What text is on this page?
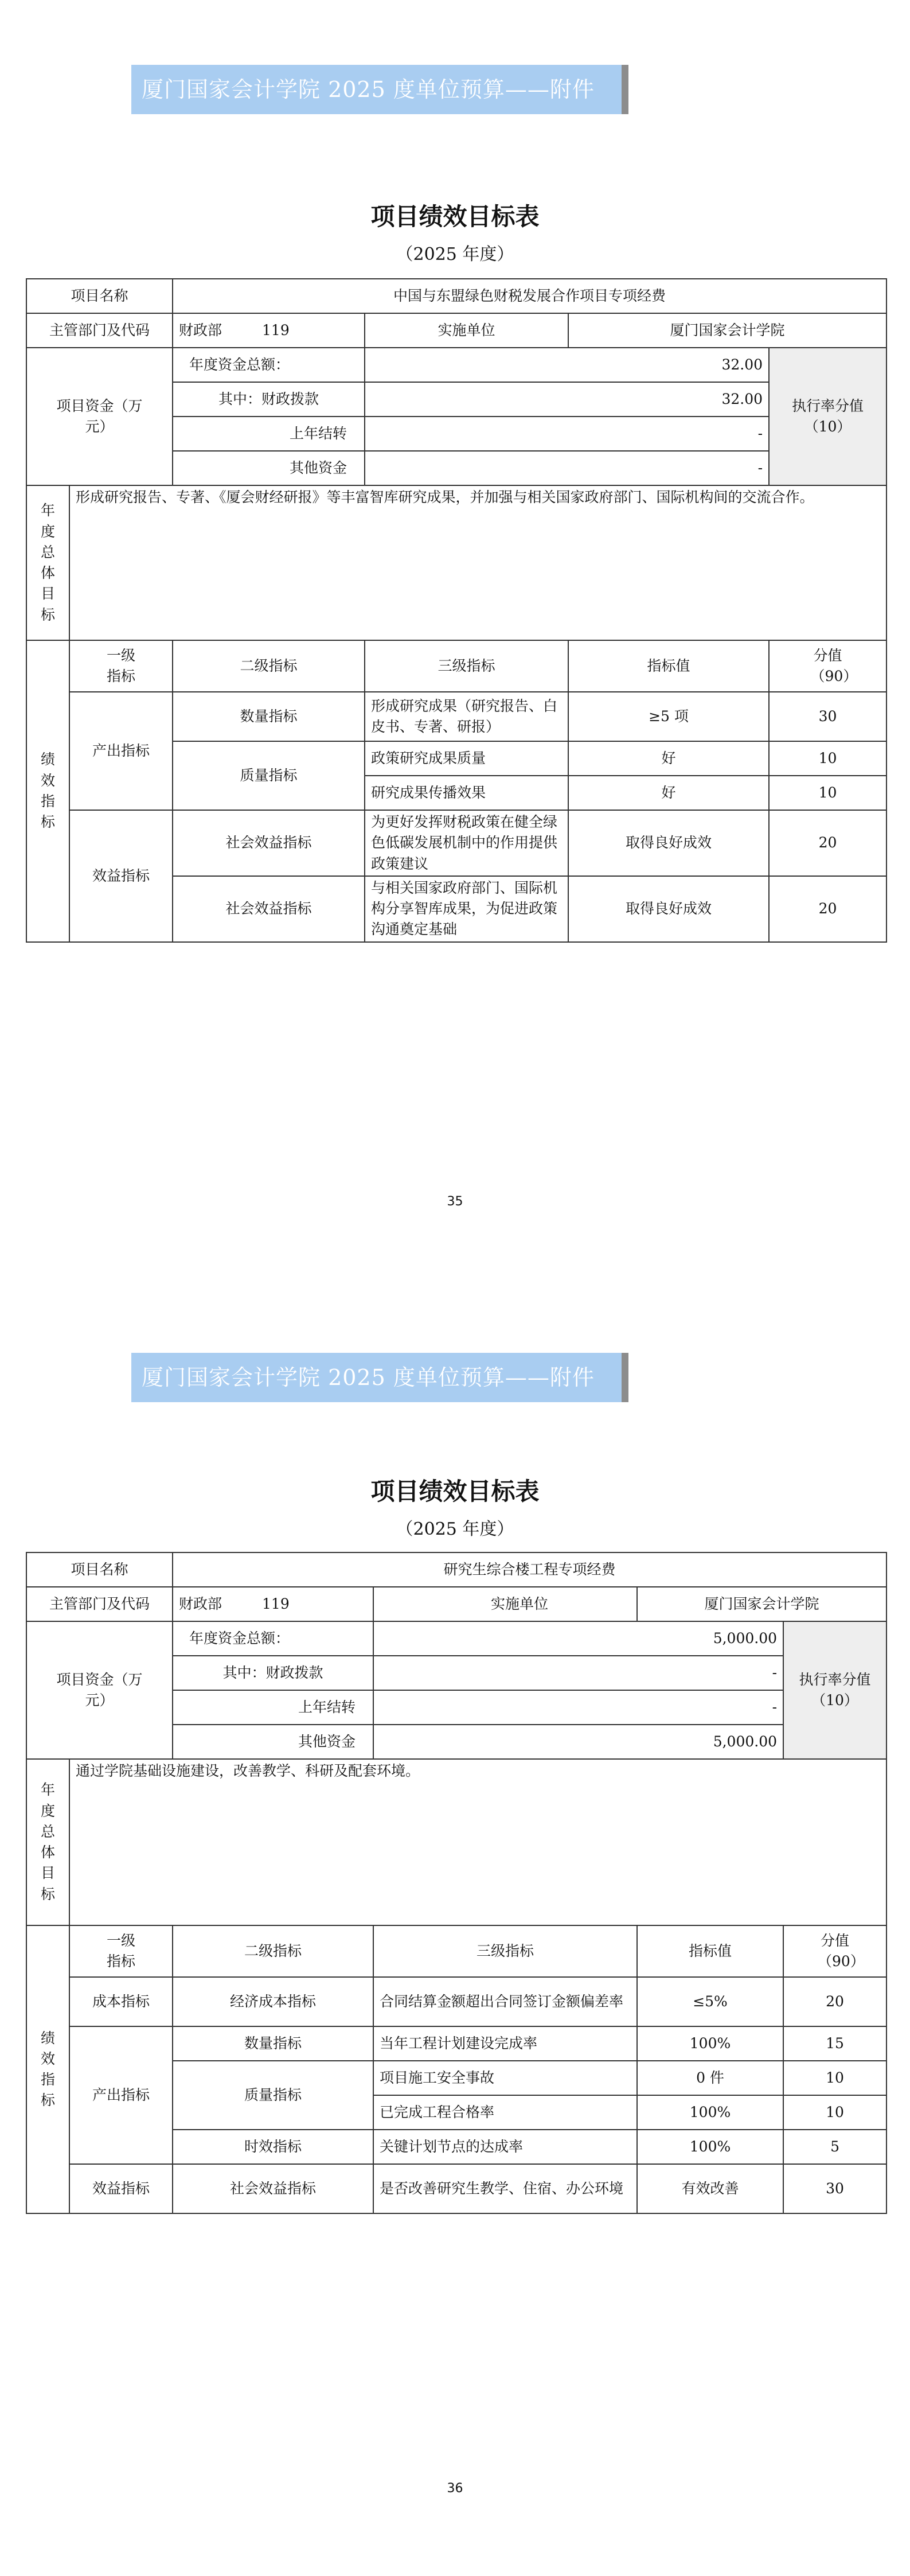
厦门国家会计学院 2025 度单位预算——附件
项目绩效目标表
（2025 年度）
项目名称		中国与东盟绿色财税发展合作项目专项经费			
主管部门及代码		财政部 119	实施单位	厦门国家会计学院	
项目资金（万元）		年度资金总额：	32.00		执行率分值（10）
		其中：财政拨款	32.00		
		上年结转	-		
		其他资金	-		
年度总体目标	形成研究报告、专著、《厦会财经研报》等丰富智库研究成果，并加强与相关国家政府部门、国际机构间的交流合作。				
绩效指标	一级指标	二级指标	三级指标	指标值	分值（90）
	产出指标	数量指标	形成研究成果（研究报告、白皮书、专著、研报）	≥5 项	30
		质量指标	政策研究成果质量	好	10
			研究成果传播效果	好	10
	效益指标	社会效益指标	为更好发挥财税政策在健全绿色低碳发展机制中的作用提供政策建议	取得良好成效	20
		社会效益指标	与相关国家政府部门、国际机构分享智库成果，为促进政策沟通奠定基础	取得良好成效	20
35
厦门国家会计学院 2025 度单位预算——附件
项目绩效目标表
（2025 年度）
项目名称		研究生综合楼工程专项经费			
主管部门及代码		财政部 119	实施单位	厦门国家会计学院	
项目资金（万元）		年度资金总额：	5,000.00		执行率分值（10）
		其中：财政拨款	-		
		上年结转	-		
		其他资金	5,000.00		
年度总体目标	通过学院基础设施建设，改善教学、科研及配套环境。				
绩效指标	一级指标	二级指标	三级指标	指标值	分值（90）
	成本指标	经济成本指标	合同结算金额超出合同签订金额偏差率	≤5%	20
	产出指标	数量指标	当年工程计划建设完成率	100%	15
		质量指标	项目施工安全事故	0 件	10
			已完成工程合格率	100%	10
		时效指标	关键计划节点的达成率	100%	5
	效益指标	社会效益指标	是否改善研究生教学、住宿、办公环境	有效改善	30
36
